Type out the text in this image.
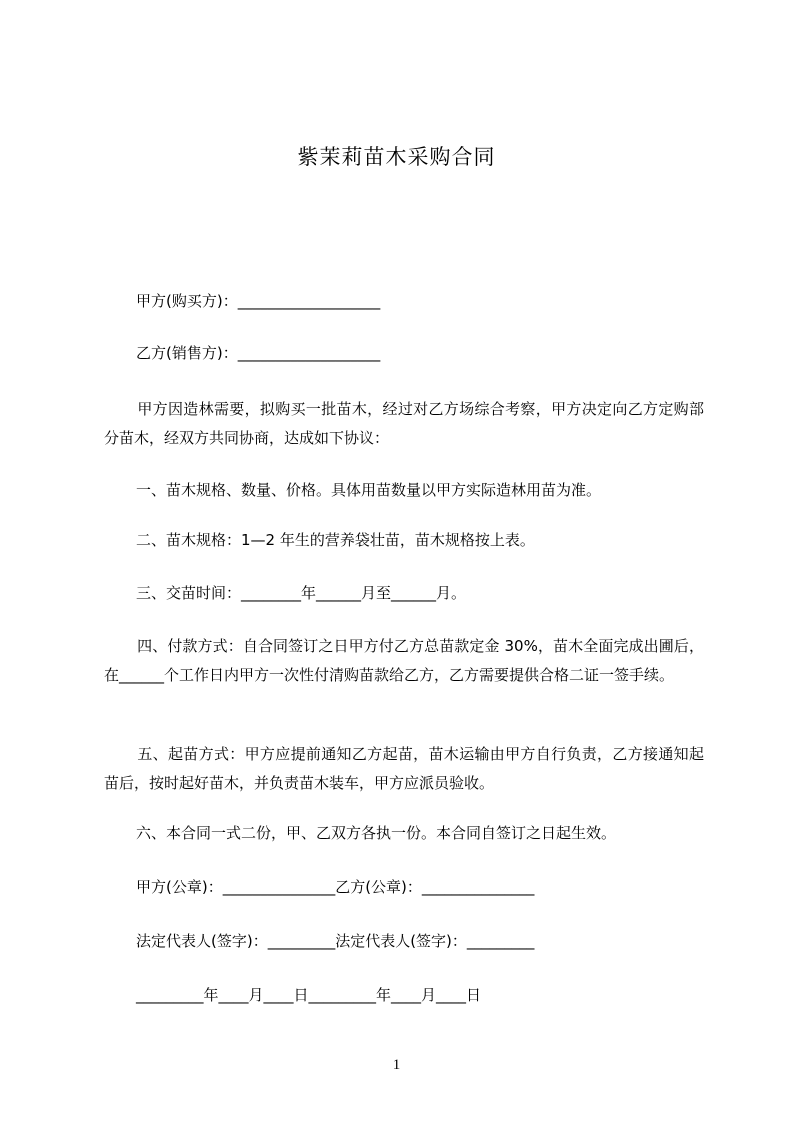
紫茉莉苗木采购合同
甲方(购买方)：___________________
乙方(销售方)：___________________
甲方因造林需要，拟购买一批苗木，经过对乙方场综合考察，甲方决定向乙方定购部分苗木，经双方共同协商，达成如下协议：
一、苗木规格、数量、价格。具体用苗数量以甲方实际造林用苗为准。
二、苗木规格：1—2 年生的营养袋壮苗，苗木规格按上表。
三、交苗时间：________年______月至______月。
四、付款方式：自合同签订之日甲方付乙方总苗款定金 30%，苗木全面完成出圃后，在______个工作日内甲方一次性付清购苗款给乙方，乙方需要提供合格二证一签手续。
五、起苗方式：甲方应提前通知乙方起苗，苗木运输由甲方自行负责，乙方接通知起苗后，按时起好苗木，并负责苗木装车，甲方应派员验收。
六、本合同一式二份，甲、乙双方各执一份。本合同自签订之日起生效。
甲方(公章)：_______________乙方(公章)：_______________
法定代表人(签字)：_________法定代表人(签字)：_________
_________年____月____日_________年____月____日
1
